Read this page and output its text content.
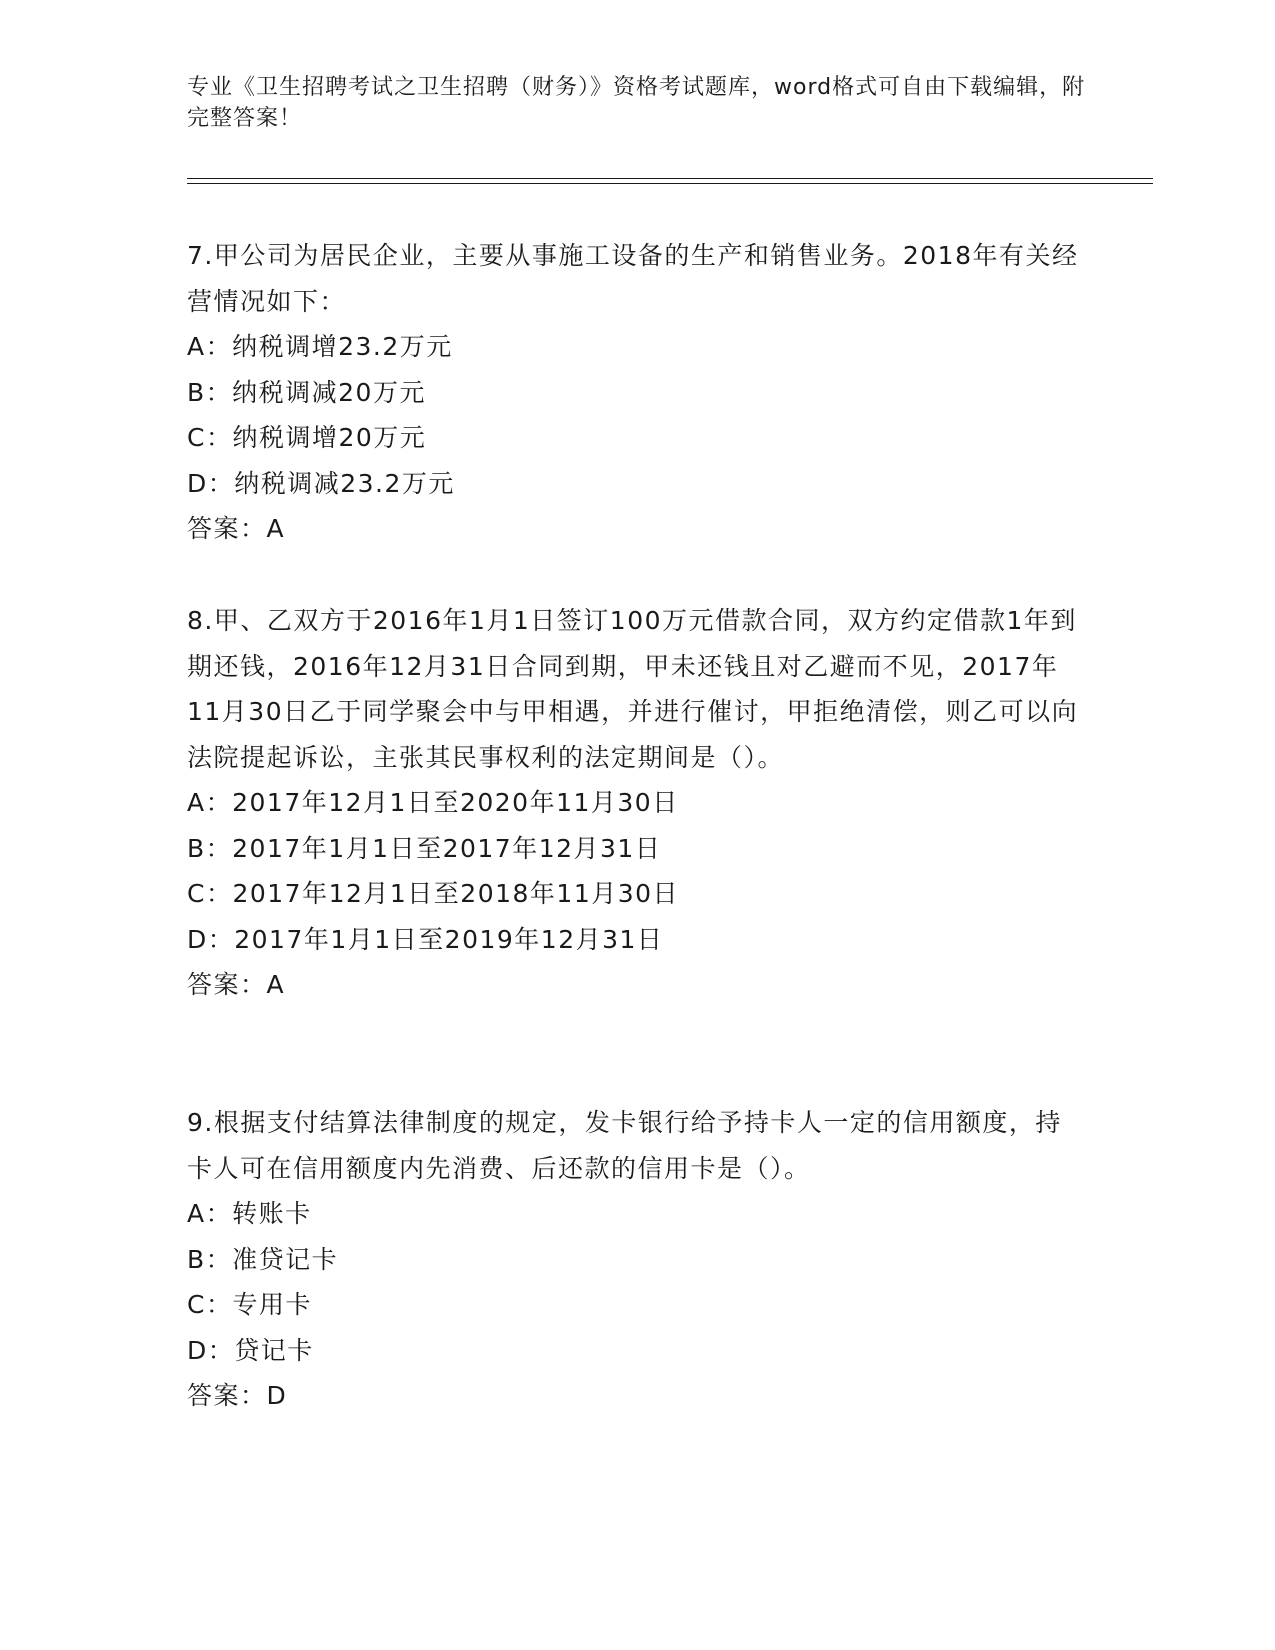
专业《卫生招聘考试之卫生招聘（财务）》资格考试题库，word格式可自由下载编辑，附完整答案！

7.甲公司为居民企业，主要从事施工设备的生产和销售业务。2018年有关经营情况如下：

A：纳税调增23.2万元

B：纳税调减20万元

C：纳税调增20万元

D：纳税调减23.2万元

答案：A

8.甲、乙双方于2016年1月1日签订100万元借款合同，双方约定借款1年到期还钱，2016年12月31日合同到期，甲未还钱且对乙避而不见，2017年11月30日乙于同学聚会中与甲相遇，并进行催讨，甲拒绝清偿，则乙可以向法院提起诉讼，主张其民事权利的法定期间是（）。

A：2017年12月1日至2020年11月30日

B：2017年1月1日至2017年12月31日

C：2017年12月1日至2018年11月30日

D：2017年1月1日至2019年12月31日

答案：A

9.根据支付结算法律制度的规定，发卡银行给予持卡人一定的信用额度，持卡人可在信用额度内先消费、后还款的信用卡是（）。

A：转账卡

B：准贷记卡

C：专用卡

D：贷记卡

答案：D
